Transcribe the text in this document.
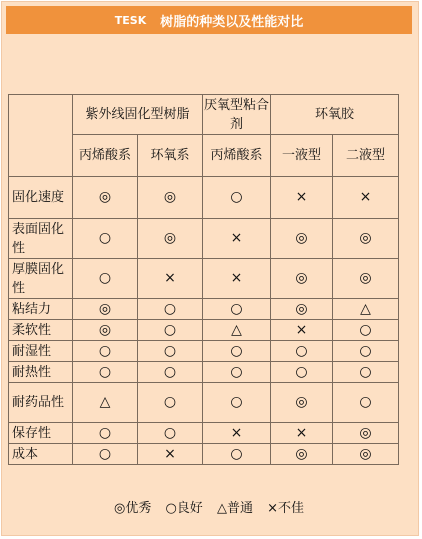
TESK 树脂的种类以及性能对比
	紫外线固化型树脂		厌氧型粘合剂	环氧胶	
	丙烯酸系	环氧系	丙烯酸系	一液型	二液型
固化速度	◎	◎	○	×	×
表面固化性	○	◎	×	◎	◎
厚膜固化性	○	×	×	◎	◎
粘结力	◎	○	○	◎	△
柔软性	◎	○	△	×	○
耐湿性	○	○	○	○	○
耐热性	○	○	○	○	○
耐药品性	△	○	○	◎	○
保存性	○	○	×	×	◎
成本	○	×	○	◎	◎
◎优秀 ○良好 △普通 ×不佳
